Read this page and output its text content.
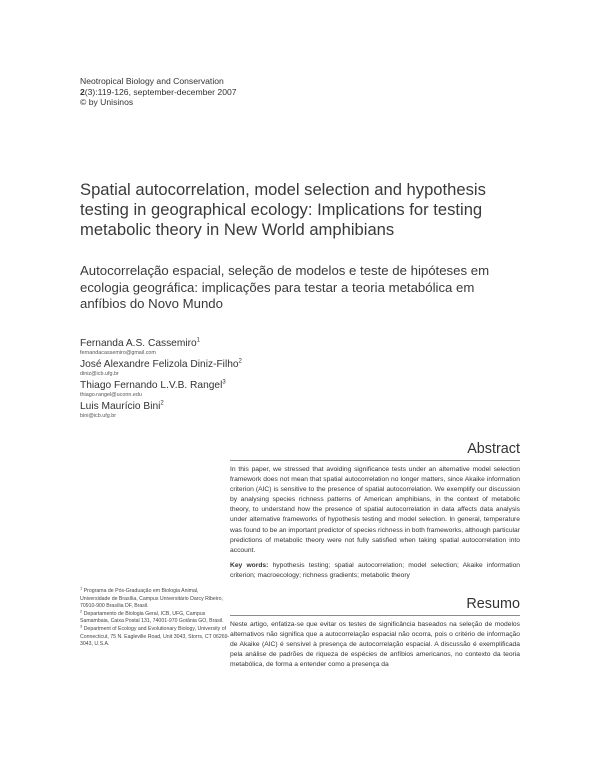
Neotropical Biology and Conservation
2(3):119-126, september-december 2007
© by Unisinos
Spatial autocorrelation, model selection and hypothesis testing in geographical ecology: Implications for testing metabolic theory in New World amphibians
Autocorrelação espacial, seleção de modelos e teste de hipóteses em ecologia geográfica: implicações para testar a teoria metabólica em anfíbios do Novo Mundo
Fernanda A.S. Cassemiro$^1$
fernandacassemiro@gmail.com
José Alexandre Felizola Diniz-Filho$^2$
diniz@icb.ufg.br
Thiago Fernando L.V.B. Rangel$^3$
thiago.rangel@uconn.edu
Luis Maurício Bini$^2$
bini@icb.ufg.br
Abstract
In this paper, we stressed that avoiding significance tests under an alternative model selection framework does not mean that spatial autocorrelation no longer matters, since Akaike information criterion (AIC) is sensitive to the presence of spatial autocorrelation. We exemplify our discussion by analysing species richness patterns of American amphibians, in the context of metabolic theory, to understand how the presence of spatial autocorrelation in data affects data analysis under alternative frameworks of hypothesis testing and model selection. In general, temperature was found to be an important predictor of species richness in both frameworks, although particular predictions of metabolic theory were not fully satisfied when taking spatial autocorrelation into account.
Key words: hypothesis testing; spatial autocorrelation; model selection; Akaike information criterion; macroecology; richness gradients; metabolic theory
Resumo
Neste artigo, enfatiza-se que evitar os testes de significância baseados na seleção de modelos alternativos não significa que a autocorrelação espacial não ocorra, pois o critério de informação de Akaike (AIC) é sensível à presença de autocorrelação espacial. A discussão é exemplificada pela análise de padrões de riqueza de espécies de anfíbios americanos, no contexto da teoria metabólica, de forma a entender como a presença da

$^1$ Programa de Pós-Graduação em Biologia Animal, Universidade de Brasília, Campus Universitário Darcy Ribeiro, 70910-900 Brasília DF, Brasil.

$^2$ Departamento de Biologia Geral, ICB, UFG, Campus Samambaia, Caixa Postal 131, 74001-970 Goiânia GO, Brasil.

$^3$ Department of Ecology and Evolutionary Biology, University of Connecticut, 75 N. Eagleville Road, Unit 3043, Storrs, CT 06269-3043, U.S.A.
